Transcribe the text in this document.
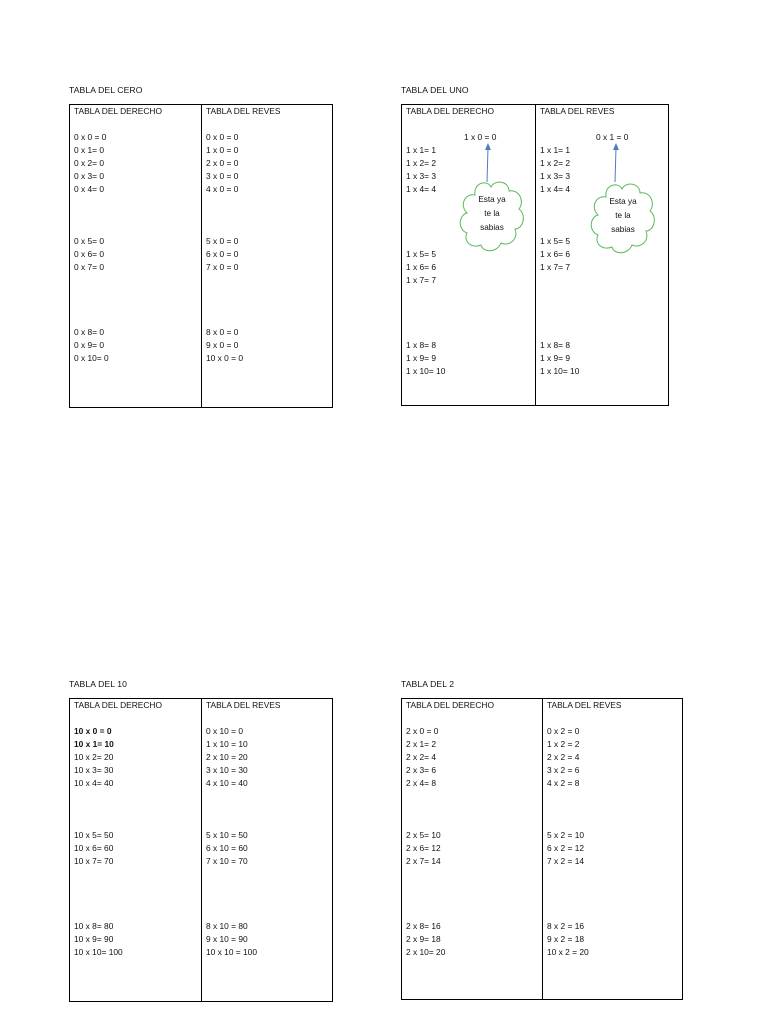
TABLA DEL CERO
TABLA DEL DERECHO
0 x 0 = 0
0 x 1= 0
0 x 2= 0
0 x 3= 0
0 x 4= 0
0 x 5= 0
0 x 6= 0
0 x 7= 0
0 x 8= 0
0 x 9= 0
0 x 10= 0
TABLA DEL REVES
0 x 0 = 0
1 x 0 = 0
2 x 0 = 0
3 x 0 = 0
4 x 0 = 0
5 x 0 = 0
6 x 0 = 0
7 x 0 = 0
8 x 0 = 0
9 x 0 = 0
10 x 0 = 0
TABLA DEL UNO
TABLA DEL DERECHO
1 x 0 = 0
1 x 1= 1
1 x 2= 2
1 x 3= 3
1 x 4= 4
1 x 5= 5
1 x 6= 6
1 x 7= 7
1 x 8= 8
1 x 9= 9
1 x 10= 10
Esta ya
te la
sabias
TABLA DEL REVES
0 x 1 = 0
1 x 1= 1
1 x 2= 2
1 x 3= 3
1 x 4= 4
1 x 5= 5
1 x 6= 6
1 x 7= 7
1 x 8= 8
1 x 9= 9
1 x 10= 10
Esta ya
te la
sabias
TABLA DEL 10
TABLA DEL DERECHO
10 x 0 = 0
10 x 1= 10
10 x 2= 20
10 x 3= 30
10 x 4= 40
10 x 5= 50
10 x 6= 60
10 x 7= 70
10 x 8= 80
10 x 9= 90
10 x 10= 100
TABLA DEL REVES
0 x 10 = 0
1 x 10 = 10
2 x 10 = 20
3 x 10 = 30
4 x 10 = 40
5 x 10 = 50
6 x 10 = 60
7 x 10 = 70
8 x 10 = 80
9 x 10 = 90
10 x 10 = 100
TABLA DEL 2
TABLA DEL DERECHO
2 x 0 = 0
2 x 1= 2
2 x 2= 4
2 x 3= 6
2 x 4= 8
2 x 5= 10
2 x 6= 12
2 x 7= 14
2 x 8= 16
2 x 9= 18
2 x 10= 20
TABLA DEL REVES
0 x 2 = 0
1 x 2 = 2
2 x 2 = 4
3 x 2 = 6
4 x 2 = 8
5 x 2 = 10
6 x 2 = 12
7 x 2 = 14
8 x 2 = 16
9 x 2 = 18
10 x 2 = 20
